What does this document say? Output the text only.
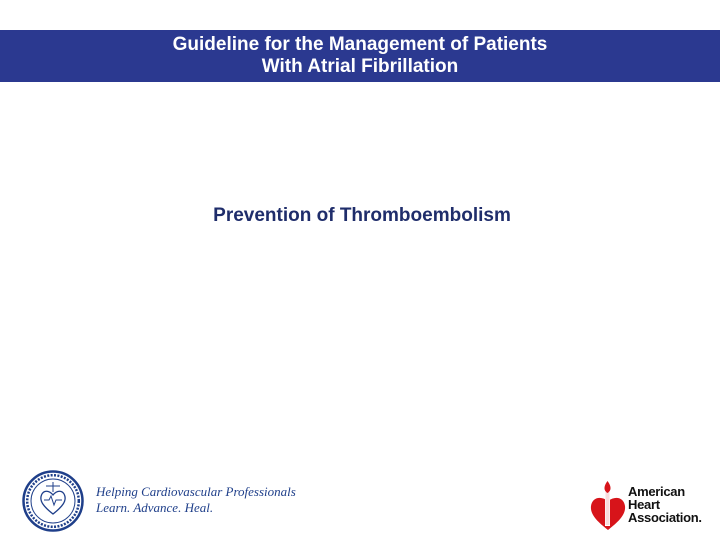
Guideline for the Management of Patients
With Atrial Fibrillation
Prevention of Thromboembolism
Helping Cardiovascular Professionals
Learn. Advance. Heal.
American
Heart
Association.
